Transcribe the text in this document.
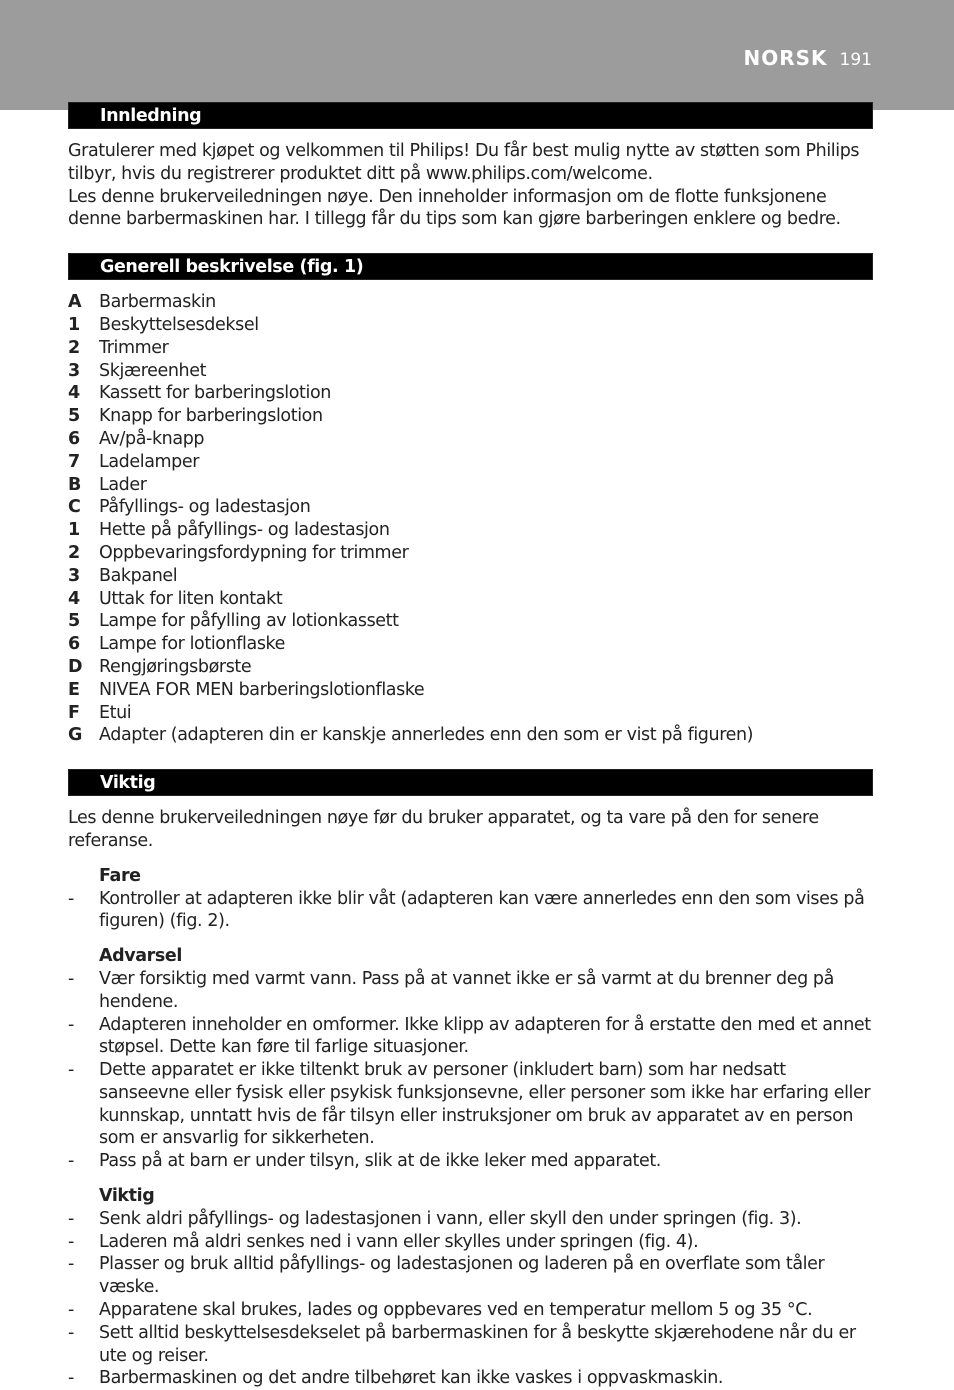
NORSK 191
Innledning

Gratulerer med kjøpet og velkommen til Philips! Du får best mulig nytte av støtten som Philips tilbyr, hvis du registrerer produktet ditt på www.philips.com/welcome.

Les denne brukerveiledningen nøye. Den inneholder informasjon om de flotte funksjonene denne barbermaskinen har. I tillegg får du tips som kan gjøre barberingen enklere og bedre.

Generell beskrivelse (fig. 1)
A	Barbermaskin
1	Beskyttelsesdeksel
2	Trimmer
3	Skjæreenhet
4	Kassett for barberingslotion
5	Knapp for barberingslotion
6	Av/på-knapp
7	Ladelamper
B	Lader
C	Påfyllings- og ladestasjon
1	Hette på påfyllings- og ladestasjon
2	Oppbevaringsfordypning for trimmer
3	Bakpanel
4	Uttak for liten kontakt
5	Lampe for påfylling av lotionkassett
6	Lampe for lotionflaske
D Rengjøringsbørste
E	NIVEA FOR MEN barberingslotionflaske
F	Etui
G Adapter (adapteren din er kanskje annerledes enn den som er vist på figuren)
Viktig

Les denne brukerveiledningen nøye før du bruker apparatet, og ta vare på den for senere referanse.

Fare
-	Kontroller at adapteren ikke blir våt (adapteren kan være annerledes enn den som vises på figuren) (fig. 2).
Advarsel
-	Vær forsiktig med varmt vann. Pass på at vannet ikke er så varmt at du brenner deg på hendene.
-	Adapteren inneholder en omformer. Ikke klipp av adapteren for å erstatte den med et annet støpsel. Dette kan føre til farlige situasjoner.
-	Dette apparatet er ikke tiltenkt bruk av personer (inkludert barn) som har nedsatt sanseevne eller fysisk eller psykisk funksjonsevne, eller personer som ikke har erfaring eller kunnskap, unntatt hvis de får tilsyn eller instruksjoner om bruk av apparatet av en person som er ansvarlig for sikkerheten.
-	Pass på at barn er under tilsyn, slik at de ikke leker med apparatet.
Viktig
-	Senk aldri påfyllings- og ladestasjonen i vann, eller skyll den under springen (fig. 3).
-	Laderen må aldri senkes ned i vann eller skylles under springen (fig. 4).
-	Plasser og bruk alltid påfyllings- og ladestasjonen og laderen på en overflate som tåler væske.
-	Apparatene skal brukes, lades og oppbevares ved en temperatur mellom 5 og 35 °C.
-	Sett alltid beskyttelsesdekselet på barbermaskinen for å beskytte skjærehodene når du er ute og reiser.
-	Barbermaskinen og det andre tilbehøret kan ikke vaskes i oppvaskmaskin.
